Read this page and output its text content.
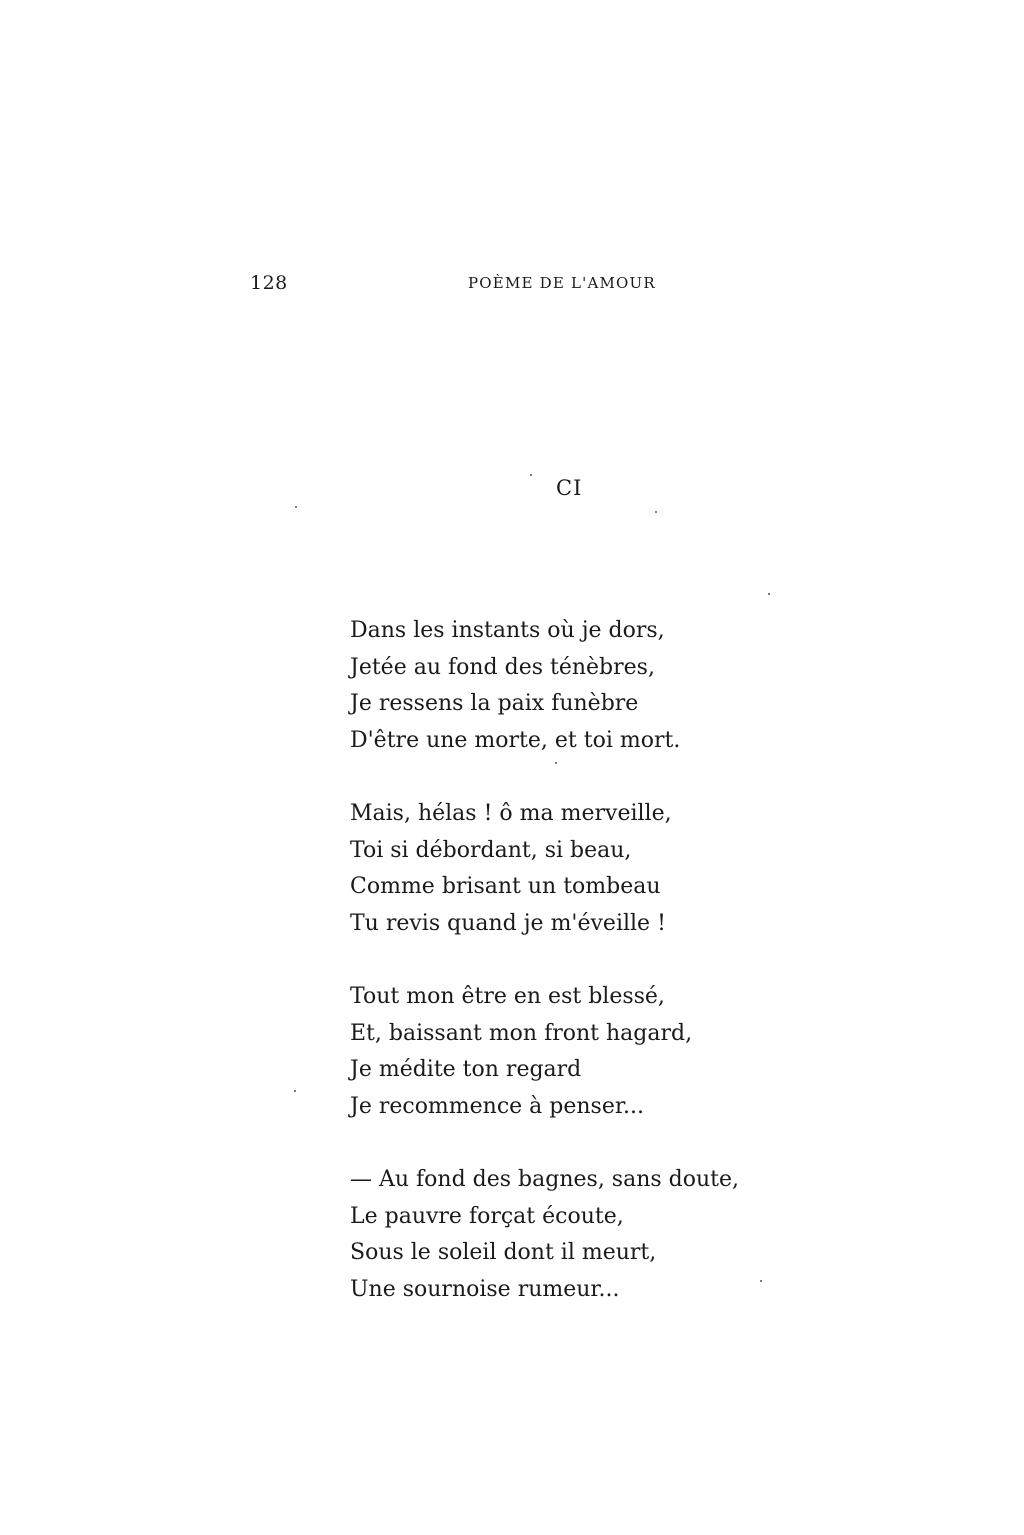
128	POÈME DE L'AMOUR
CI
Dans les instants où je dors,
Jetée au fond des ténèbres,
Je ressens la paix funèbre
D'être une morte, et toi mort.
Mais, hélas ! ô ma merveille,
Toi si débordant, si beau,
Comme brisant un tombeau
Tu revis quand je m'éveille !
Tout mon être en est blessé,
Et, baissant mon front hagard,
Je médite ton regard
Je recommence à penser...
— Au fond des bagnes, sans doute,
Le pauvre forçat écoute,
Sous le soleil dont il meurt,
Une sournoise rumeur...
